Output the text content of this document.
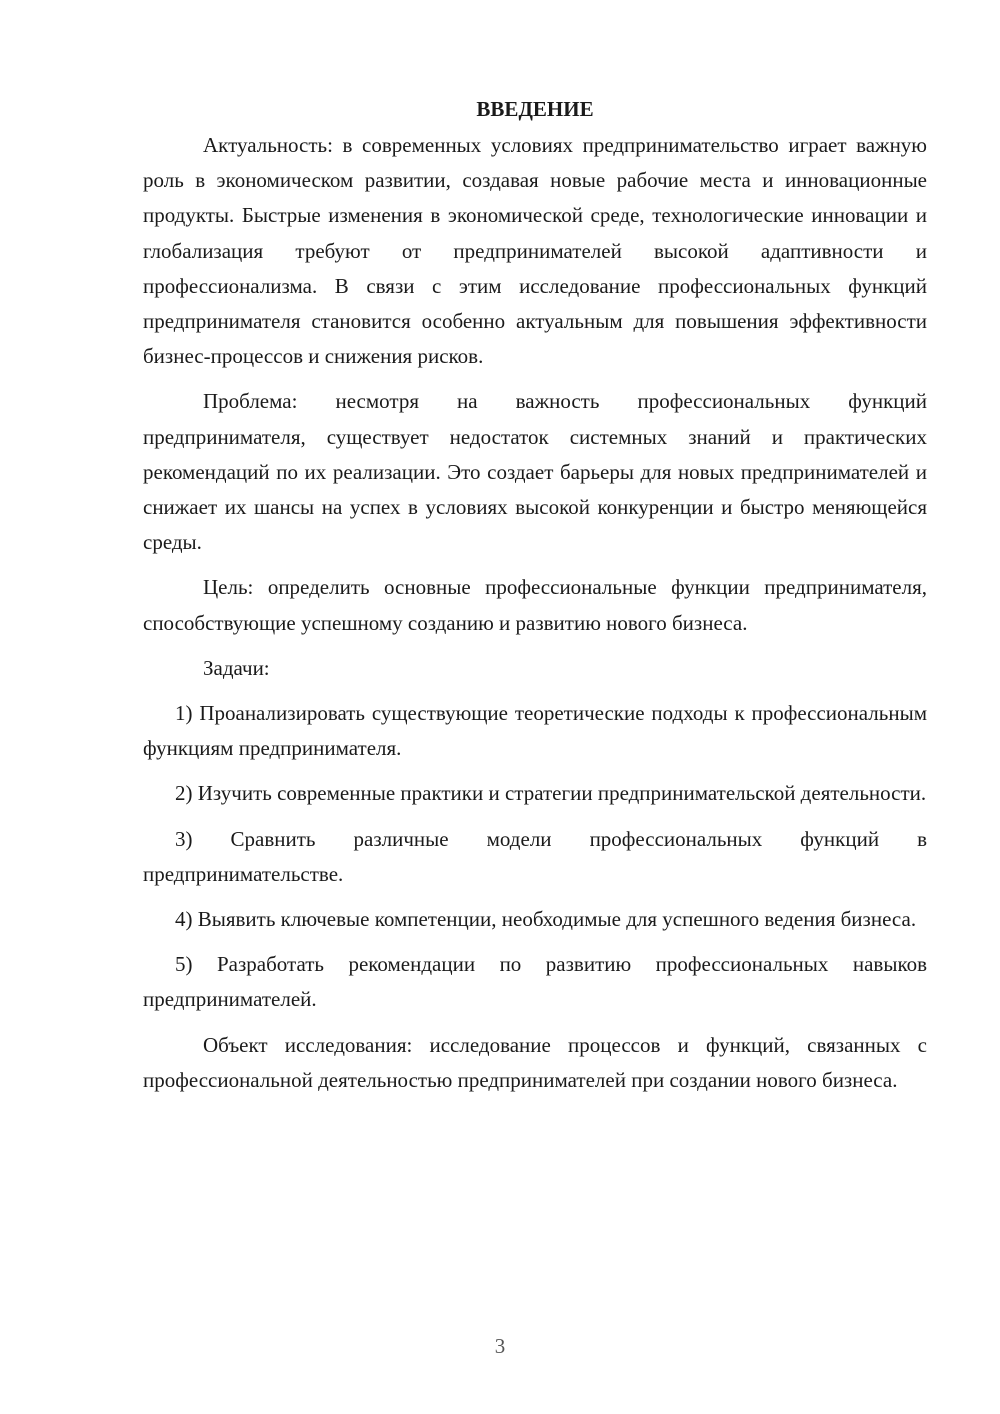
ВВЕДЕНИЕ

Актуальность: в современных условиях предпринимательство играет важную роль в экономическом развитии, создавая новые рабочие места и инновационные продукты. Быстрые изменения в экономической среде, технологические инновации и глобализация требуют от предпринимателей высокой адаптивности и профессионализма. В связи с этим исследование профессиональных функций предпринимателя становится особенно актуальным для повышения эффективности бизнес-процессов и снижения рисков.

Проблема: несмотря на важность профессиональных функций предпринимателя, существует недостаток системных знаний и практических рекомендаций по их реализации. Это создает барьеры для новых предпринимателей и снижает их шансы на успех в условиях высокой конкуренции и быстро меняющейся среды.

Цель: определить основные профессиональные функции предпринимателя, способствующие успешному созданию и развитию нового бизнеса.

Задачи:

1) Проанализировать существующие теоретические подходы к профессиональным функциям предпринимателя.

2) Изучить современные практики и стратегии предпринимательской деятельности.

3) Сравнить различные модели профессиональных функций в предпринимательстве.

4) Выявить ключевые компетенции, необходимые для успешного ведения бизнеса.

5) Разработать рекомендации по развитию профессиональных навыков предпринимателей.

Объект исследования: исследование процессов и функций, связанных с профессиональной деятельностью предпринимателей при создании нового бизнеса.

3
